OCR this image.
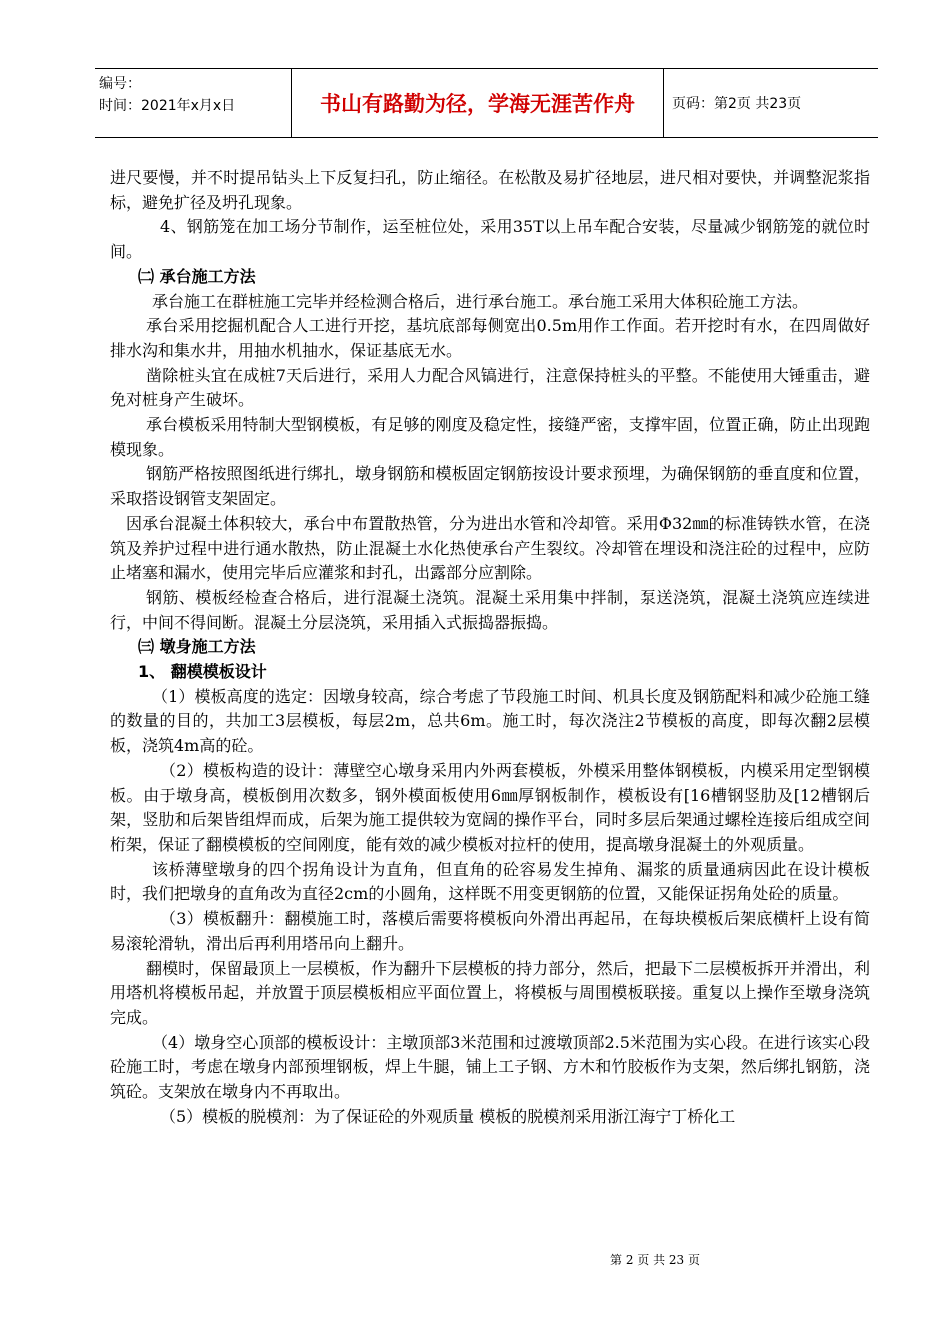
编号：
时间：2021年x月x日	书山有路勤为径，学海无涯苦作舟	页码：第2页 共23页

进尺要慢，并不时提吊钻头上下反复扫孔，防止缩径。在松散及易扩径地层，进尺相对要快，并调整泥浆指标，避免扩径及坍孔现象。

4、钢筋笼在加工场分节制作，运至桩位处，采用35T以上吊车配合安装，尽量减少钢筋笼的就位时间。

㈡ 承台施工方法

承台施工在群桩施工完毕并经检测合格后，进行承台施工。承台施工采用大体积砼施工方法。

承台采用挖掘机配合人工进行开挖，基坑底部每侧宽出0.5m用作工作面。若开挖时有水，在四周做好排水沟和集水井，用抽水机抽水，保证基底无水。

凿除桩头宜在成桩7天后进行，采用人力配合风镐进行，注意保持桩头的平整。不能使用大锤重击，避免对桩身产生破坏。

承台模板采用特制大型钢模板，有足够的刚度及稳定性，接缝严密，支撑牢固，位置正确，防止出现跑模现象。

钢筋严格按照图纸进行绑扎，墩身钢筋和模板固定钢筋按设计要求预埋，为确保钢筋的垂直度和位置，采取搭设钢管支架固定。

因承台混凝土体积较大，承台中布置散热管，分为进出水管和冷却管。采用Φ32㎜的标准铸铁水管，在浇筑及养护过程中进行通水散热，防止混凝土水化热使承台产生裂纹。冷却管在埋设和浇注砼的过程中，应防止堵塞和漏水，使用完毕后应灌浆和封孔，出露部分应割除。

钢筋、模板经检查合格后，进行混凝土浇筑。混凝土采用集中拌制，泵送浇筑，混凝土浇筑应连续进行，中间不得间断。混凝土分层浇筑，采用插入式振捣器振捣。

㈢ 墩身施工方法

1、 翻模模板设计

（1）模板高度的选定：因墩身较高，综合考虑了节段施工时间、机具长度及钢筋配料和减少砼施工缝的数量的目的，共加工3层模板，每层2m，总共6m。施工时，每次浇注2节模板的高度，即每次翻2层模板，浇筑4m高的砼。

（2）模板构造的设计：薄壁空心墩身采用内外两套模板，外模采用整体钢模板，内模采用定型钢模板。由于墩身高，模板倒用次数多，钢外模面板使用6㎜厚钢板制作，模板设有[16槽钢竖肋及[12槽钢后架，竖肋和后架皆组焊而成，后架为施工提供较为宽阔的操作平台，同时多层后架通过螺栓连接后组成空间桁架，保证了翻模模板的空间刚度，能有效的减少模板对拉杆的使用，提高墩身混凝土的外观质量。

该桥薄壁墩身的四个拐角设计为直角，但直角的砼容易发生掉角、漏浆的质量通病因此在设计模板时，我们把墩身的直角改为直径2cm的小圆角，这样既不用变更钢筋的位置，又能保证拐角处砼的质量。

（3）模板翻升：翻模施工时，落模后需要将模板向外滑出再起吊，在每块模板后架底横杆上设有简易滚轮滑轨，滑出后再利用塔吊向上翻升。

翻模时，保留最顶上一层模板，作为翻升下层模板的持力部分，然后，把最下二层模板拆开并滑出，利用塔机将模板吊起，并放置于顶层模板相应平面位置上，将模板与周围模板联接。重复以上操作至墩身浇筑完成。

（4）墩身空心顶部的模板设计：主墩顶部3米范围和过渡墩顶部2.5米范围为实心段。在进行该实心段砼施工时，考虑在墩身内部预埋钢板，焊上牛腿，铺上工子钢、方木和竹胶板作为支架，然后绑扎钢筋，浇筑砼。支架放在墩身内不再取出。

（5）模板的脱模剂：为了保证砼的外观质量 模板的脱模剂采用浙江海宁丁桥化工

第 2 页 共 23 页
